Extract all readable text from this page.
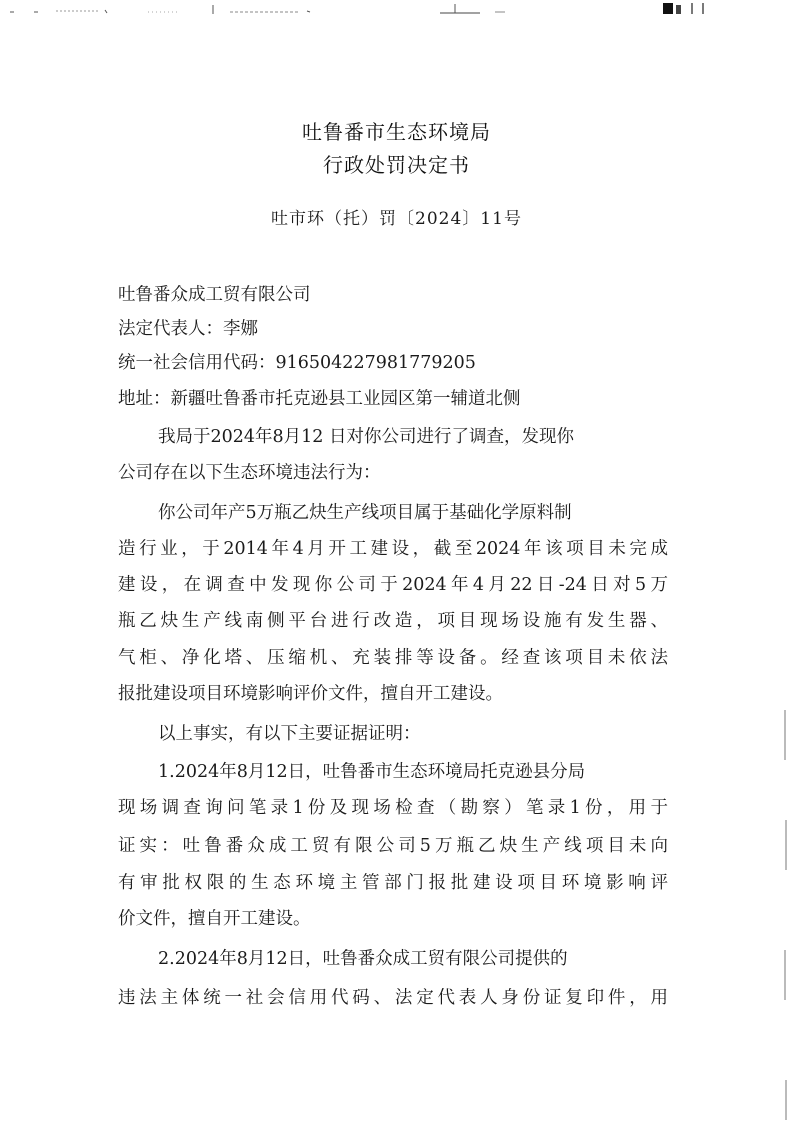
吐鲁番市生态环境局
行政处罚决定书
吐市环（托）罚〔2024〕11号
吐鲁番众成工贸有限公司
法定代表人：李娜
统一社会信用代码：916504227981779205
地址：新疆吐鲁番市托克逊县工业园区第一辅道北侧
我局于2024年8月12 日对你公司进行了调查，发现你
公司存在以下生态环境违法行为：
你公司年产5万瓶乙炔生产线项目属于基础化学原料制
造行业，于2014年4月开工建设，截至2024年该项目未完成
建设，在调查中发现你公司于2024年4月22日-24日对5万
瓶乙炔生产线南侧平台进行改造，项目现场设施有发生器、
气柜、净化塔、压缩机、充装排等设备。经查该项目未依法
报批建设项目环境影响评价文件，擅自开工建设。
以上事实，有以下主要证据证明：
1.2024年8月12日，吐鲁番市生态环境局托克逊县分局
现场调查询问笔录1份及现场检查（勘察）笔录1份，用于
证实：吐鲁番众成工贸有限公司5万瓶乙炔生产线项目未向
有审批权限的生态环境主管部门报批建设项目环境影响评
价文件，擅自开工建设。
2.2024年8月12日，吐鲁番众成工贸有限公司提供的
违法主体统一社会信用代码、法定代表人身份证复印件，用
